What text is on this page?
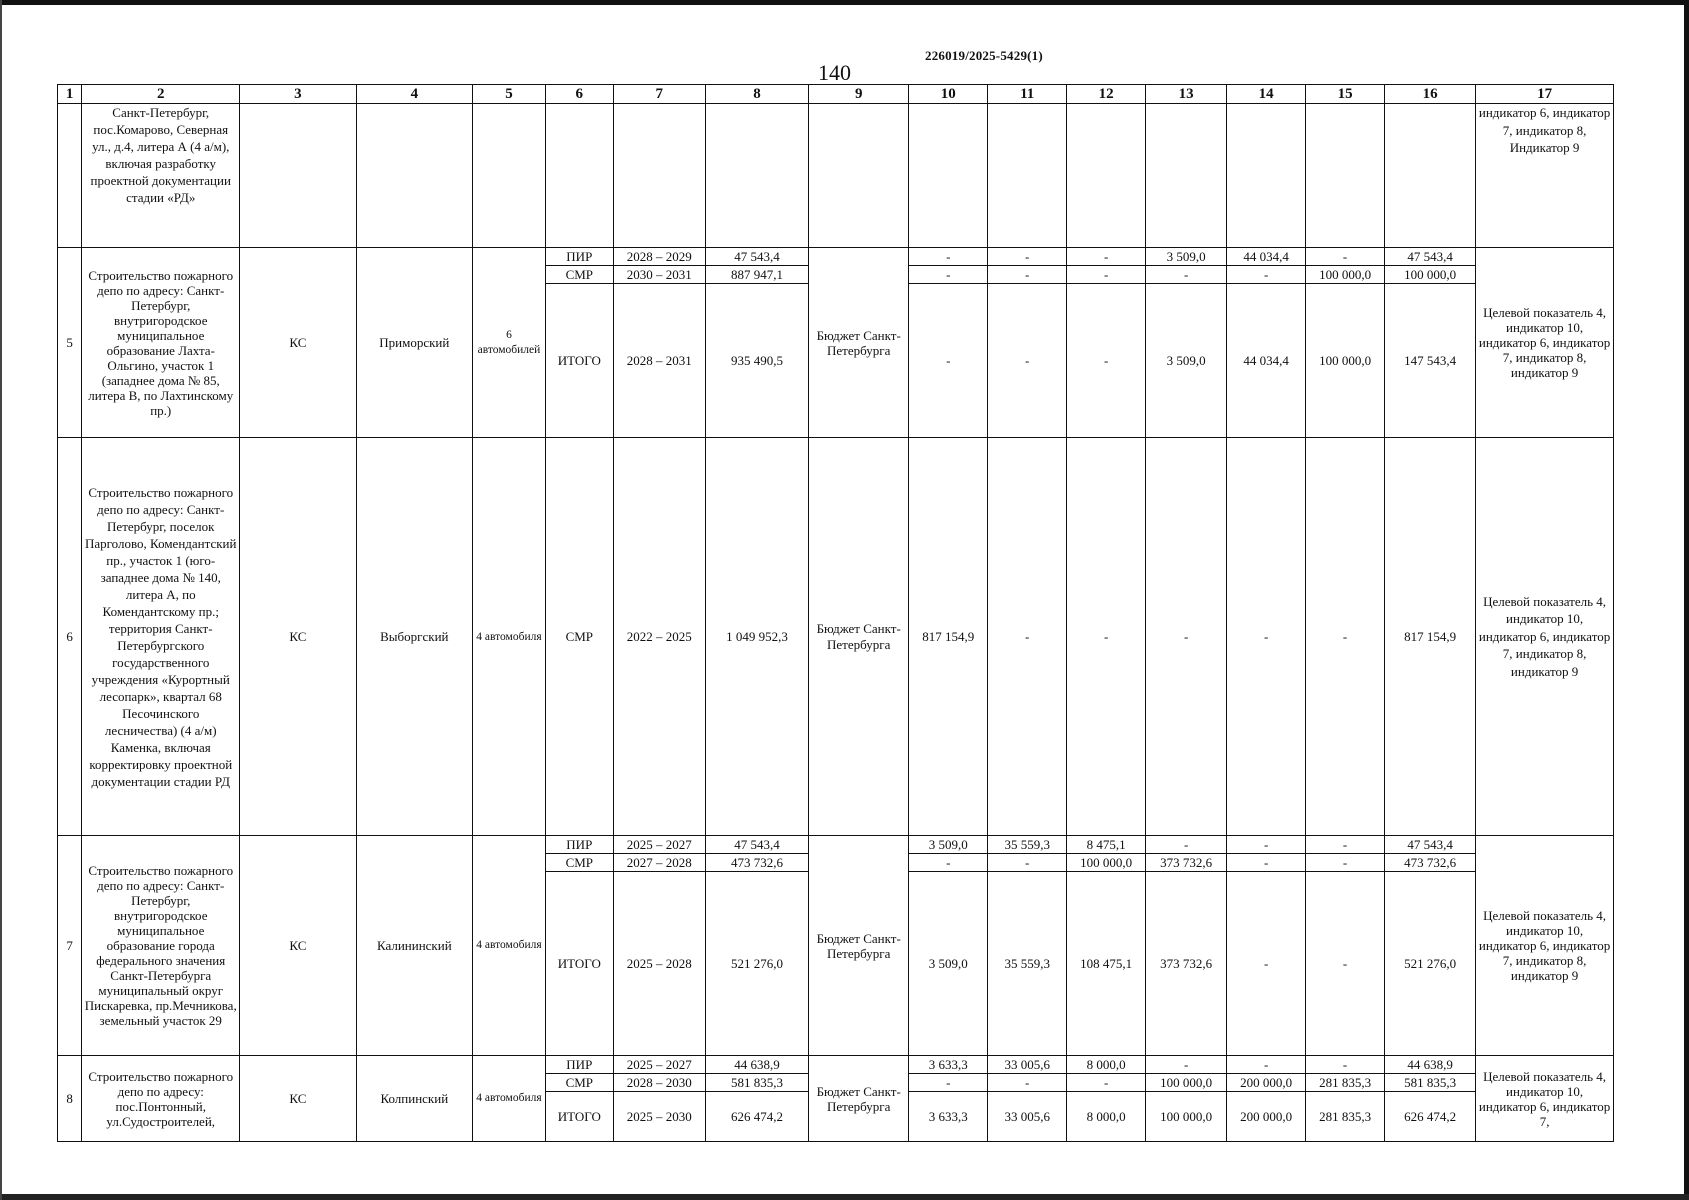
226019/2025-5429(1)
140
1	2	3	4	5	6	7	8	9	10	11	12	13	14	15	16	17
	Санкт-Петербург, пос.Комарово, Северная ул., д.4, литера А (4 а/м), включая разработку проектной документации стадии «РД»															индикатор 6, индикатор 7, индикатор 8, Индикатор 9
5	Строительство пожарного депо по адресу: Санкт-Петербург, внутригородское муниципальное образование Лахта-Ольгино, участок 1 (западнее дома № 85, литера В, по Лахтинскому пр.)	КС	Приморский	6 автомобилей	ПИР	2028 – 2029	47 543,4	Бюджет Санкт-Петербурга	-	-	-	3 509,0	44 034,4	-	47 543,4	Целевой показатель 4, индикатор 10, индикатор 6, индикатор 7, индикатор 8, индикатор 9
					СМР	2030 – 2031	887 947,1		-	-	-	-	-	100 000,0	100 000,0	
					ИТОГО	2028 – 2031	935 490,5		-	-	-	3 509,0	44 034,4	100 000,0	147 543,4	
6	Строительство пожарного депо по адресу: Санкт-Петербург, поселок Парголово, Комендантский пр., участок 1 (юго-западнее дома № 140, литера А, по Комендантскому пр.; территория Санкт-Петербургского государственного учреждения «Курортный лесопарк», квартал 68 Песочинского лесничества) (4 а/м) Каменка, включая корректировку проектной документации стадии РД	КС	Выборгский	4 автомобиля	СМР	2022 – 2025	1 049 952,3	Бюджет Санкт-Петербурга	817 154,9	-	-	-	-	-	817 154,9	Целевой показатель 4, индикатор 10, индикатор 6, индикатор 7, индикатор 8, индикатор 9
7	Строительство пожарного депо по адресу: Санкт-Петербург, внутригородское муниципальное образование города федерального значения Санкт-Петербурга муниципальный округ Пискаревка, пр.Мечникова, земельный участок 29	КС	Калининский	4 автомобиля	ПИР	2025 – 2027	47 543,4	Бюджет Санкт-Петербурга	3 509,0	35 559,3	8 475,1	-	-	-	47 543,4	Целевой показатель 4, индикатор 10, индикатор 6, индикатор 7, индикатор 8, индикатор 9
					СМР	2027 – 2028	473 732,6		-	-	100 000,0	373 732,6	-	-	473 732,6	
					ИТОГО	2025 – 2028	521 276,0		3 509,0	35 559,3	108 475,1	373 732,6	-	-	521 276,0	
8	Строительство пожарного депо по адресу: пос.Понтонный, ул.Судостроителей,	КС	Колпинский	4 автомобиля	ПИР	2025 – 2027	44 638,9	Бюджет Санкт-Петербурга	3 633,3	33 005,6	8 000,0	-	-	-	44 638,9	Целевой показатель 4, индикатор 10, индикатор 6, индикатор 7,
					СМР	2028 – 2030	581 835,3		-	-	-	100 000,0	200 000,0	281 835,3	581 835,3	
					ИТОГО	2025 – 2030	626 474,2		3 633,3	33 005,6	8 000,0	100 000,0	200 000,0	281 835,3	626 474,2	
